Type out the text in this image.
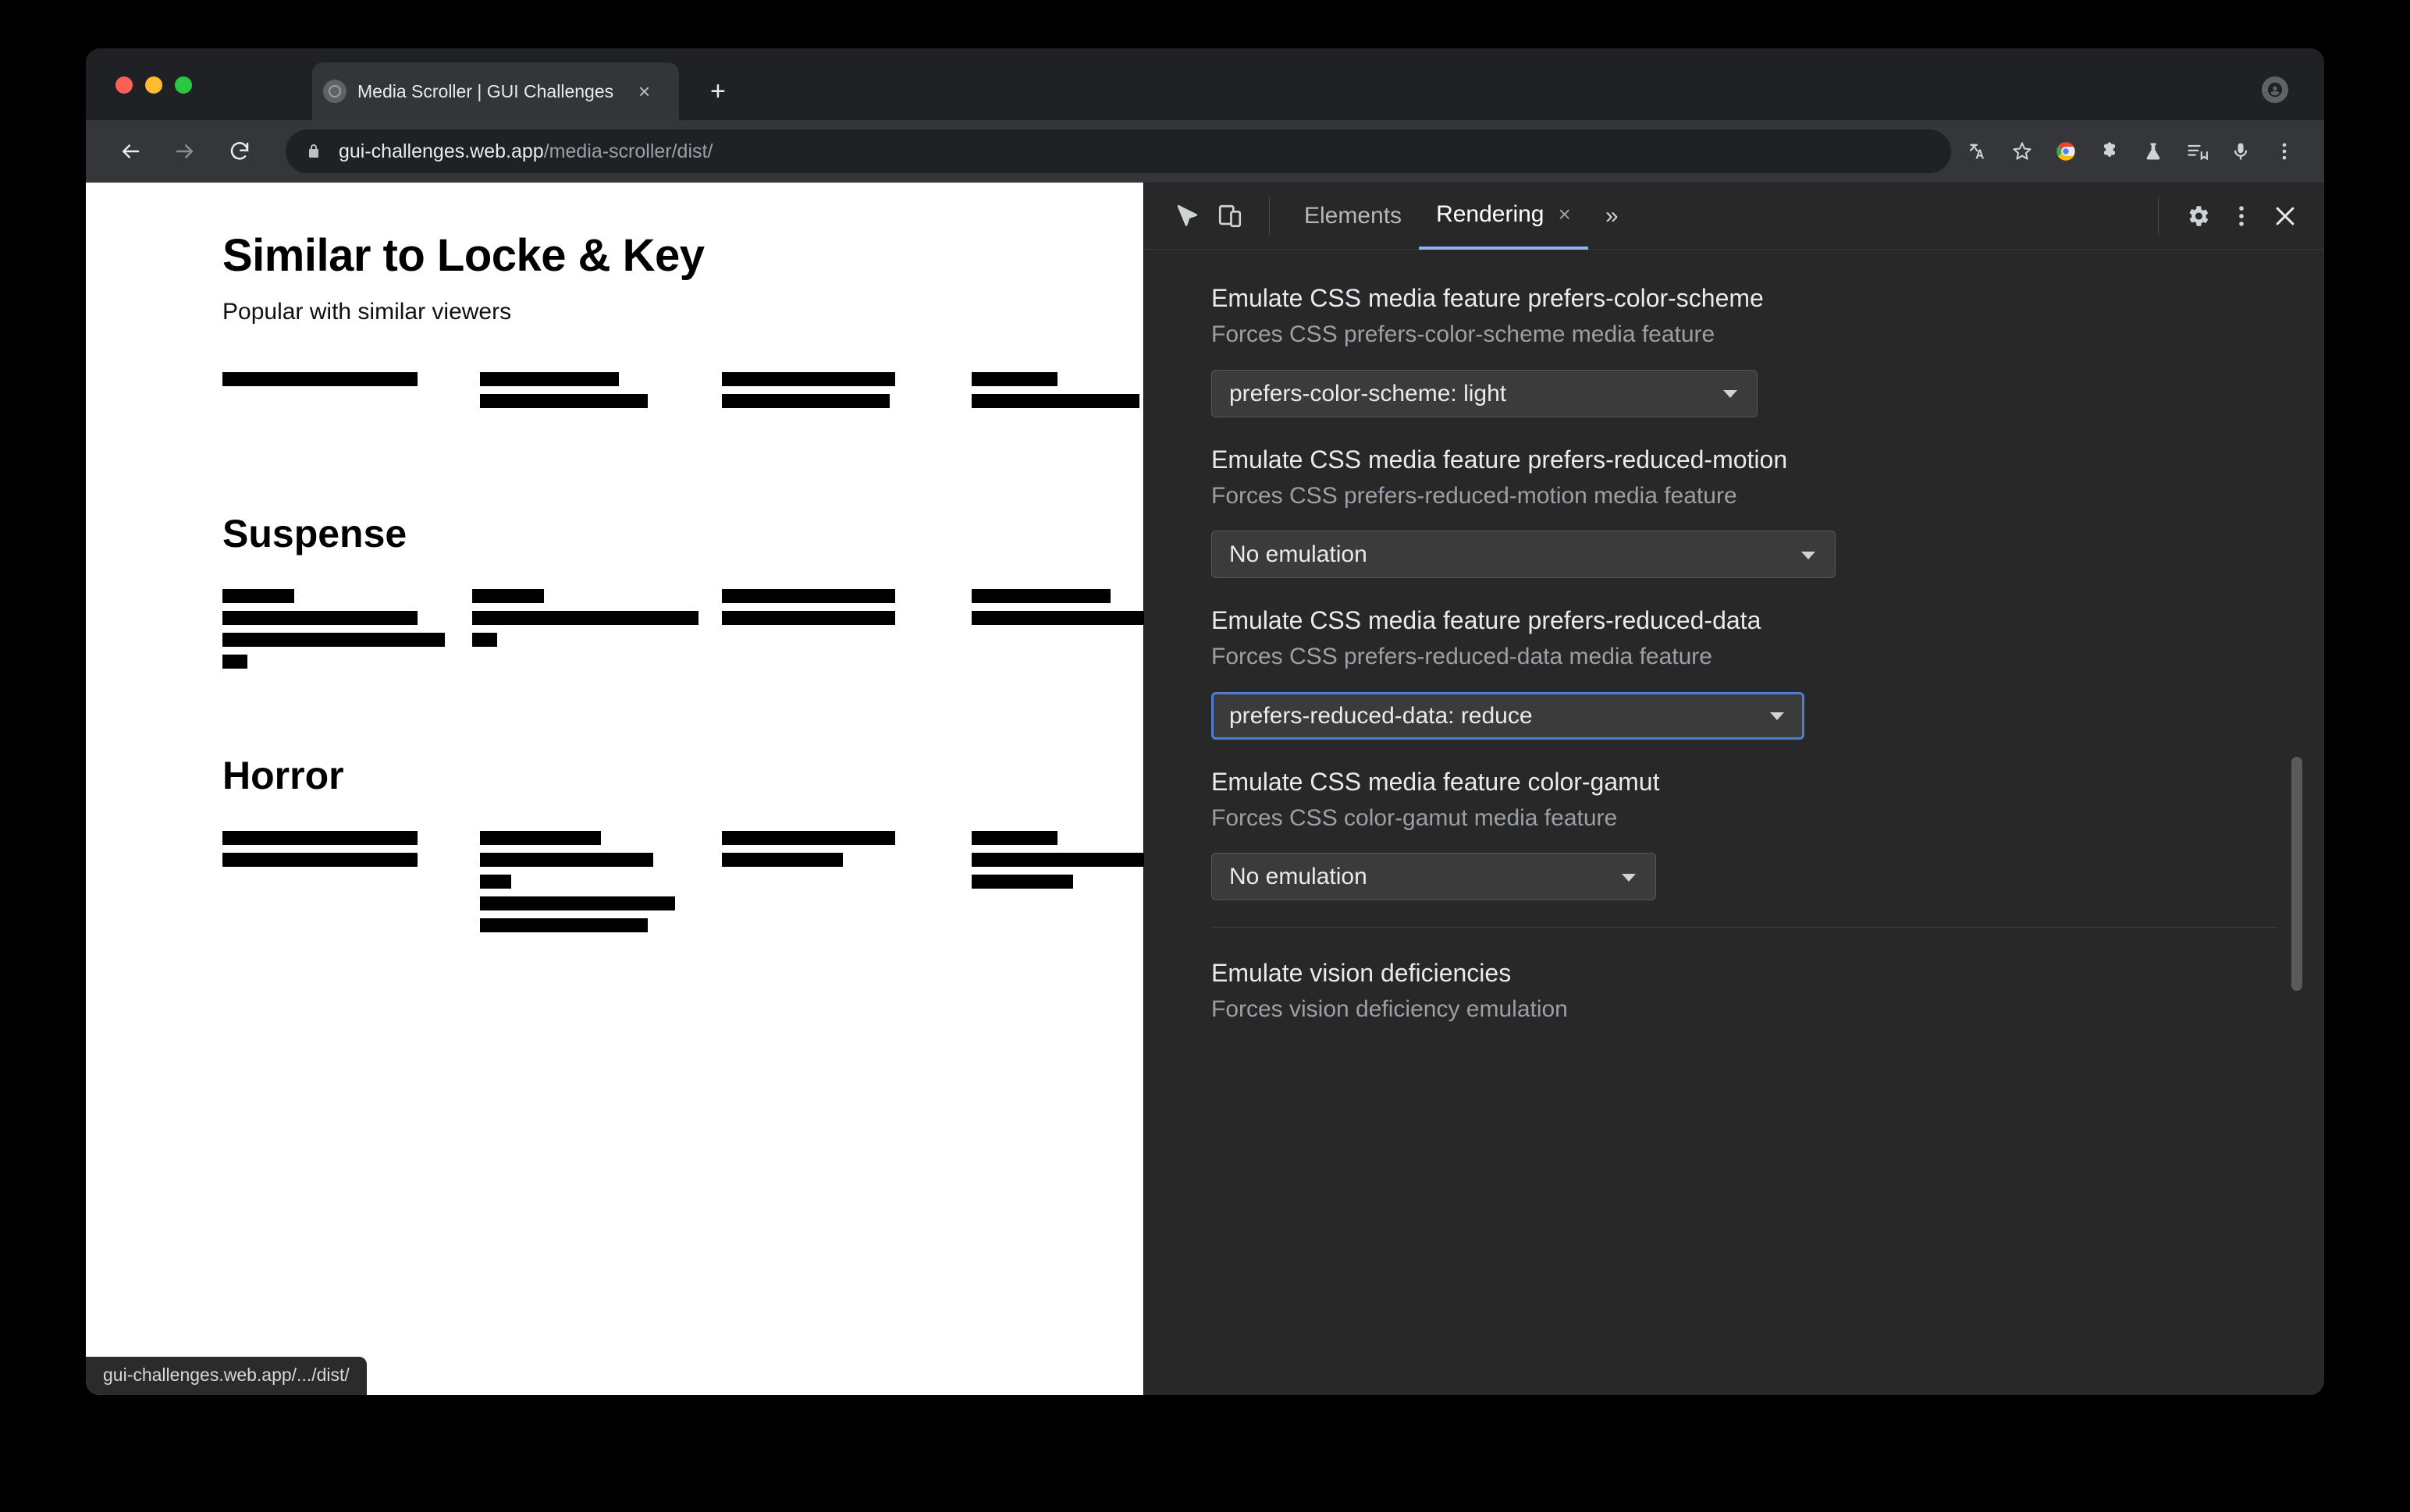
Media Scroller | GUI Challenges	× +
gui-challenges.web.app/media-scroller/dist/
Similar to Locke & Key

Popular with similar viewers

Suspense
Horror
gui-challenges.web.app/.../dist/
Elements Rendering ×	»
Emulate CSS media feature prefers-color-scheme
Forces CSS prefers-color-scheme media feature
prefers-color-scheme: light
Emulate CSS media feature prefers-reduced-motion
Forces CSS prefers-reduced-motion media feature
No emulation
Emulate CSS media feature prefers-reduced-data
Forces CSS prefers-reduced-data media feature
prefers-reduced-data: reduce
Emulate CSS media feature color-gamut
Forces CSS color-gamut media feature
No emulation
Emulate vision deficiencies
Forces vision deficiency emulation
